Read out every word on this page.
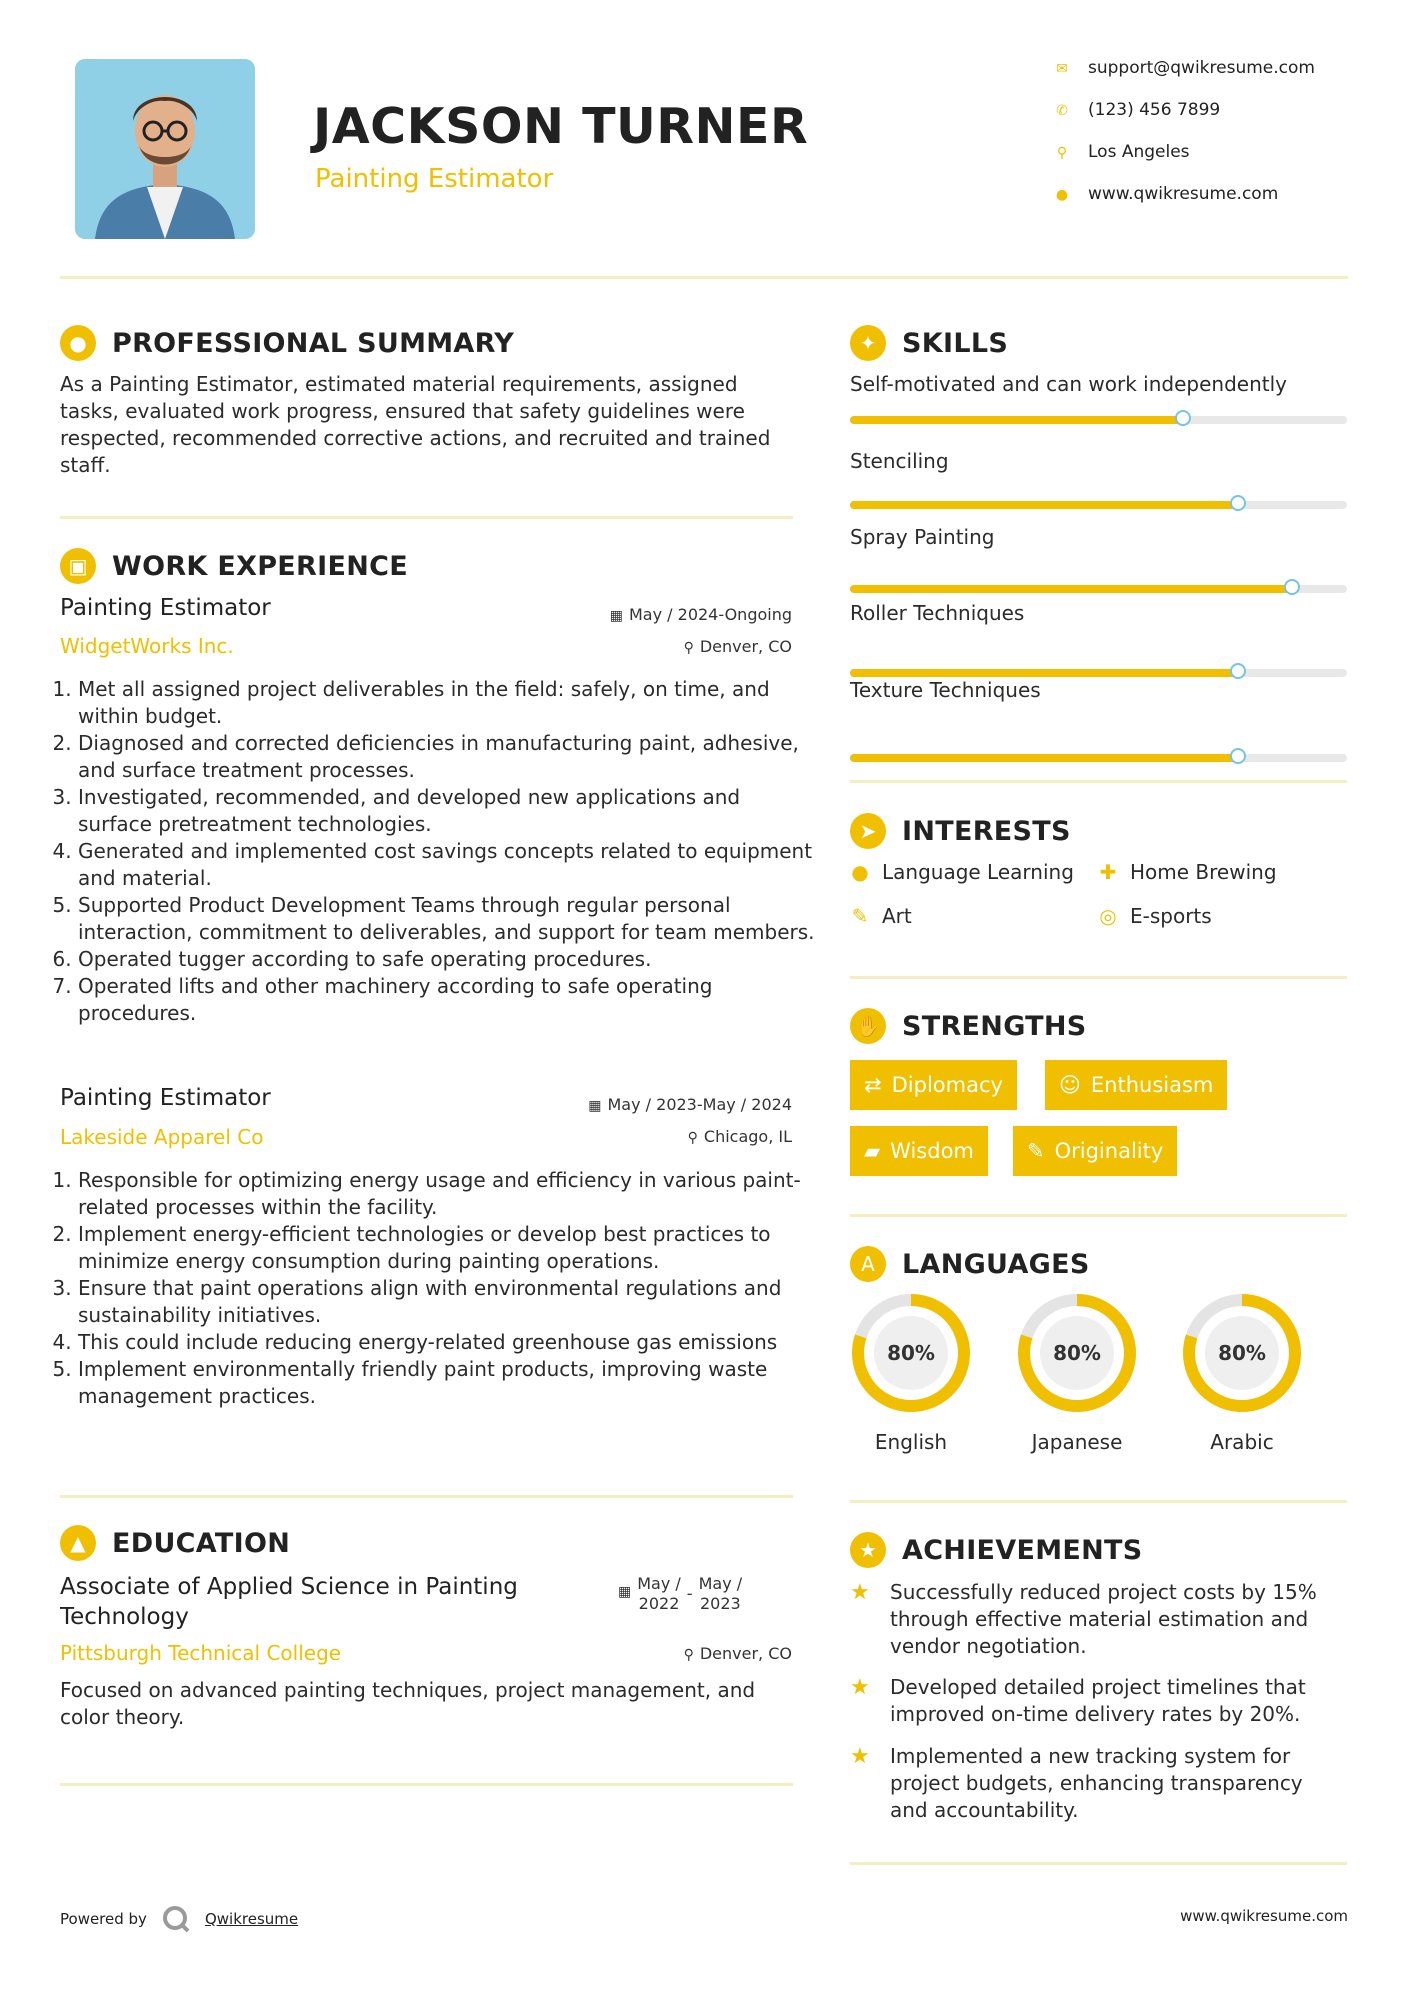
JACKSON TURNER
Painting Estimator
✉ support@qwikresume.com
✆ (123) 456 7899
⚲ Los Angeles
● www.qwikresume.com
● PROFESSIONAL SUMMARY
As a Painting Estimator, estimated material requirements, assigned tasks, evaluated work progress, ensured that safety guidelines were respected, recommended corrective actions, and recruited and trained staff.
▣ WORK EXPERIENCE
Painting Estimator	▦ May / 2024-Ongoing
WidgetWorks Inc.	⚲ Denver, CO
1. Met all assigned project deliverables in the field: safely, on time, and within budget.
2. Diagnosed and corrected deficiencies in manufacturing paint, adhesive, and surface treatment processes.
3. Investigated, recommended, and developed new applications and surface pretreatment technologies.
4. Generated and implemented cost savings concepts related to equipment and material.
5. Supported Product Development Teams through regular personal interaction, commitment to deliverables, and support for team members.
6. Operated tugger according to safe operating procedures.
7. Operated lifts and other machinery according to safe operating procedures.
Painting Estimator	▦ May / 2023-May / 2024
Lakeside Apparel Co	⚲ Chicago, IL
1. Responsible for optimizing energy usage and efficiency in various paint-related processes within the facility.
2. Implement energy-efficient technologies or develop best practices to minimize energy consumption during painting operations.
3. Ensure that paint operations align with environmental regulations and sustainability initiatives.
4. This could include reducing energy-related greenhouse gas emissions
5. Implement environmentally friendly paint products, improving waste management practices.
▲ EDUCATION
Associate of Applied Science in Painting Technology
▦ May /
2022
-
May /
2023
Pittsburgh Technical College	⚲ Denver, CO
Focused on advanced painting techniques, project management, and color theory.
✦ SKILLS
Self-motivated and can work independently
Stenciling
Spray Painting
Roller Techniques
Texture Techniques
➤ INTERESTS
● Language Learning ✚ Home Brewing
✎ Art	◎ E-sports
✋ STRENGTHS
⇄ Diplomacy	☺ Enthusiasm
▰ Wisdom	✎ Originality
A	LANGUAGES
80%
English
80%
Japanese
80%
Arabic
★ ACHIEVEMENTS
★	Successfully reduced project costs by 15% through effective material estimation and vendor negotiation.
★	Developed detailed project timelines that improved on-time delivery rates by 20%.
★	Implemented a new tracking system for project budgets, enhancing transparency and accountability.
Powered by	Qwikresume	www.qwikresume.com
